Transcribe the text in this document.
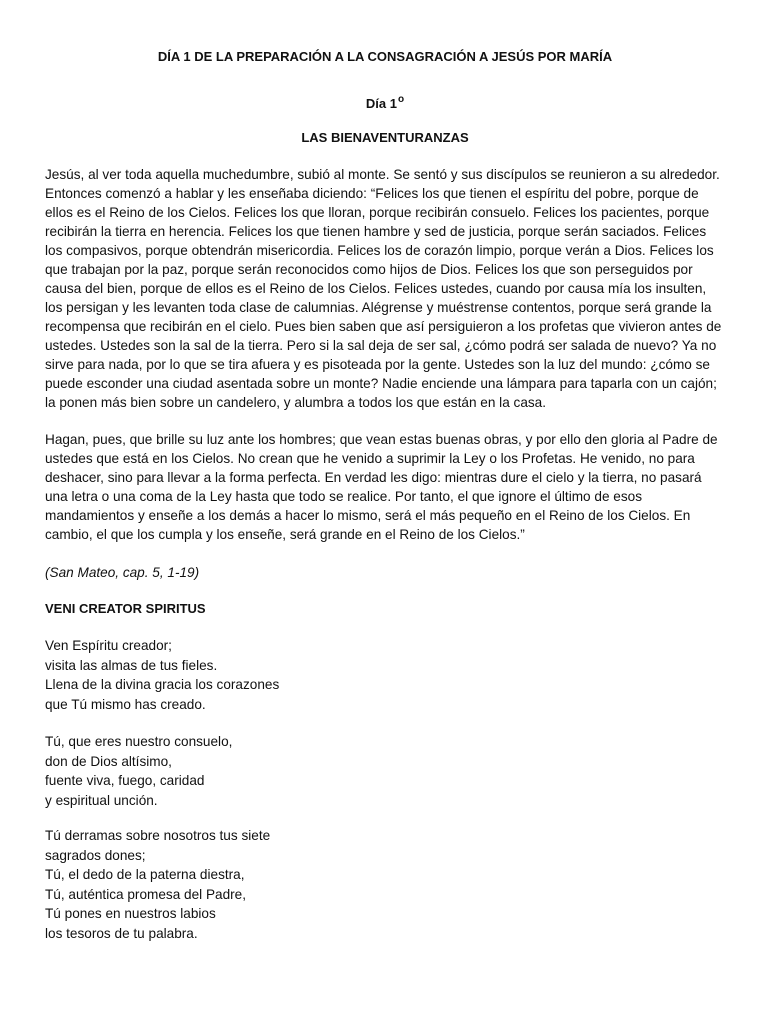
DÍA 1 DE LA PREPARACIÓN A LA CONSAGRACIÓN A JESÚS POR MARÍA
Día 1$^o$
LAS BIENAVENTURANZAS

Jesús, al ver toda aquella muchedumbre, subió al monte. Se sentó y sus discípulos se reunieron a su alrededor. Entonces comenzó a hablar y les enseñaba diciendo: “Felices los que tienen el espíritu del pobre, porque de ellos es el Reino de los Cielos. Felices los que lloran, porque recibirán consuelo. Felices los pacientes, porque recibirán la tierra en herencia. Felices los que tienen hambre y sed de justicia, porque serán saciados. Felices los compasivos, porque obtendrán misericordia. Felices los de corazón limpio, porque verán a Dios. Felices los que trabajan por la paz, porque serán reconocidos como hijos de Dios. Felices los que son perseguidos por causa del bien, porque de ellos es el Reino de los Cielos. Felices ustedes, cuando por causa mía los insulten, los persigan y les levanten toda clase de calumnias. Alégrense y muéstrense contentos, porque será grande la recompensa que recibirán en el cielo. Pues bien saben que así persiguieron a los profetas que vivieron antes de ustedes. Ustedes son la sal de la tierra. Pero si la sal deja de ser sal, ¿cómo podrá ser salada de nuevo? Ya no sirve para nada, por lo que se tira afuera y es pisoteada por la gente. Ustedes son la luz del mundo: ¿cómo se puede esconder una ciudad asentada sobre un monte? Nadie enciende una lámpara para taparla con un cajón; la ponen más bien sobre un candelero, y alumbra a todos los que están en la casa.

Hagan, pues, que brille su luz ante los hombres; que vean estas buenas obras, y por ello den gloria al Padre de ustedes que está en los Cielos. No crean que he venido a suprimir la Ley o los Profetas. He venido, no para deshacer, sino para llevar a la forma perfecta. En verdad les digo: mientras dure el cielo y la tierra, no pasará una letra o una coma de la Ley hasta que todo se realice. Por tanto, el que ignore el último de esos mandamientos y enseñe a los demás a hacer lo mismo, será el más pequeño en el Reino de los Cielos. En cambio, el que los cumpla y los enseñe, será grande en el Reino de los Cielos.”

(San Mateo, cap. 5, 1-19)
VENI CREATOR SPIRITUS
Ven Espíritu creador;
visita las almas de tus fieles.
Llena de la divina gracia los corazones
que Tú mismo has creado.
Tú, que eres nuestro consuelo,
don de Dios altísimo,
fuente viva, fuego, caridad
y espiritual unción.
Tú derramas sobre nosotros tus siete
sagrados dones;
Tú, el dedo de la paterna diestra,
Tú, auténtica promesa del Padre,
Tú pones en nuestros labios
los tesoros de tu palabra.
